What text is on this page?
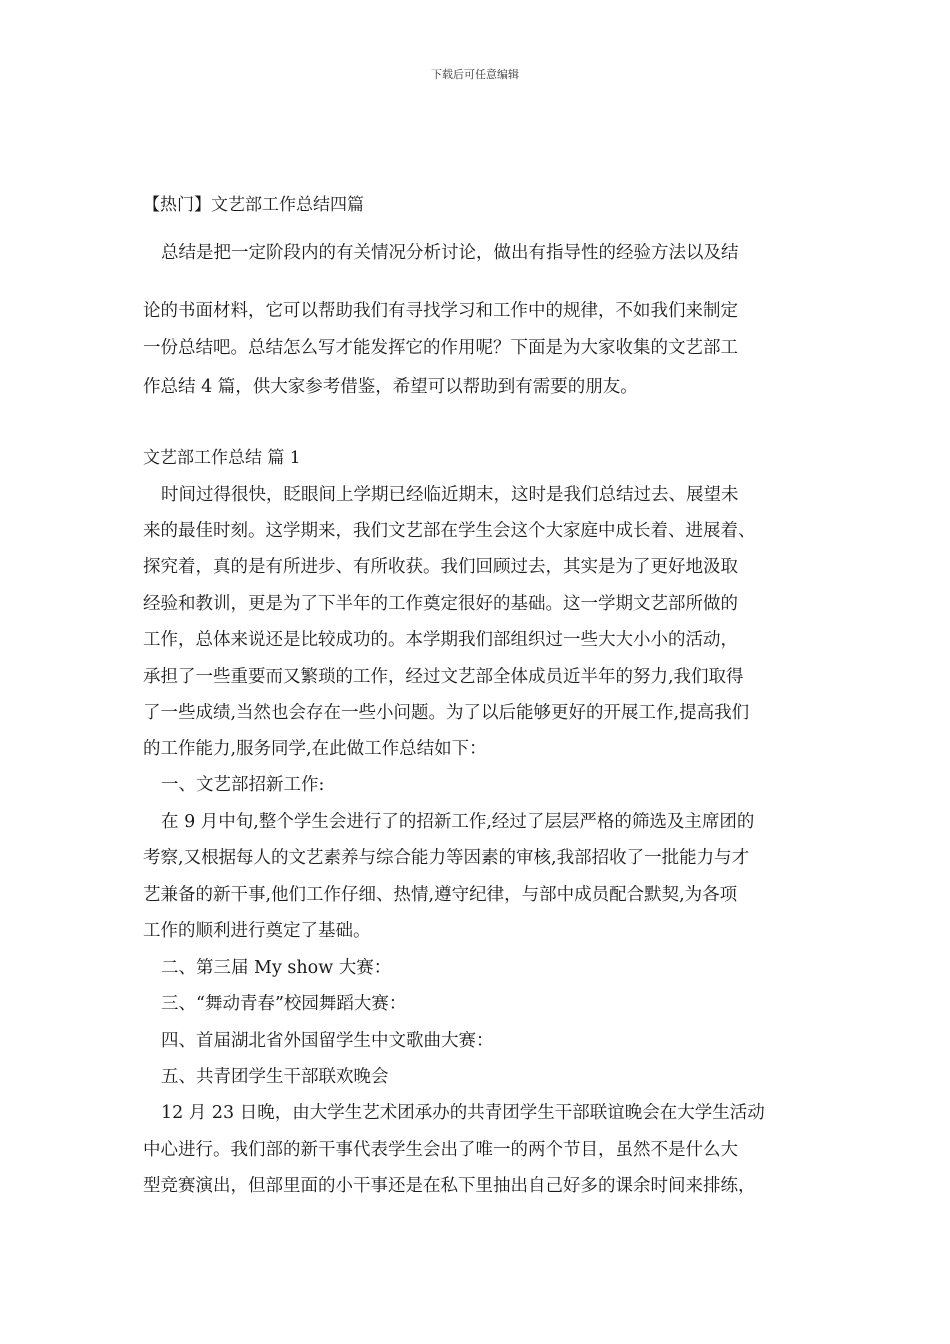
下载后可任意编辑
【热门】文艺部工作总结四篇
总结是把一定阶段内的有关情况分析讨论，做出有指导性的经验方法以及结
论的书面材料，它可以帮助我们有寻找学习和工作中的规律，不如我们来制定
一份总结吧。总结怎么写才能发挥它的作用呢？下面是为大家收集的文艺部工
作总结 4 篇，供大家参考借鉴，希望可以帮助到有需要的朋友。
文艺部工作总结 篇 1
时间过得很快，眨眼间上学期已经临近期末，这时是我们总结过去、展望未
来的最佳时刻。这学期来，我们文艺部在学生会这个大家庭中成长着、进展着、
探究着，真的是有所进步、有所收获。我们回顾过去，其实是为了更好地汲取
经验和教训，更是为了下半年的工作奠定很好的基础。这一学期文艺部所做的
工作，总体来说还是比较成功的。本学期我们部组织过一些大大小小的活动，
承担了一些重要而又繁琐的工作，经过文艺部全体成员近半年的努力,我们取得
了一些成绩,当然也会存在一些小问题。为了以后能够更好的开展工作,提高我们
的工作能力,服务同学,在此做工作总结如下：
一、文艺部招新工作:
在 9 月中旬,整个学生会进行了的招新工作,经过了层层严格的筛选及主席团的
考察,又根据每人的文艺素养与综合能力等因素的审核,我部招收了一批能力与才
艺兼备的新干事,他们工作仔细、热情,遵守纪律，与部中成员配合默契,为各项
工作的顺利进行奠定了基础。
二、第三届 My show 大赛：
三、“舞动青春”校园舞蹈大赛：
四、首届湖北省外国留学生中文歌曲大赛：
五、共青团学生干部联欢晚会
12 月 23 日晚，由大学生艺术团承办的共青团学生干部联谊晚会在大学生活动
中心进行。我们部的新干事代表学生会出了唯一的两个节目，虽然不是什么大
型竞赛演出，但部里面的小干事还是在私下里抽出自己好多的课余时间来排练，
